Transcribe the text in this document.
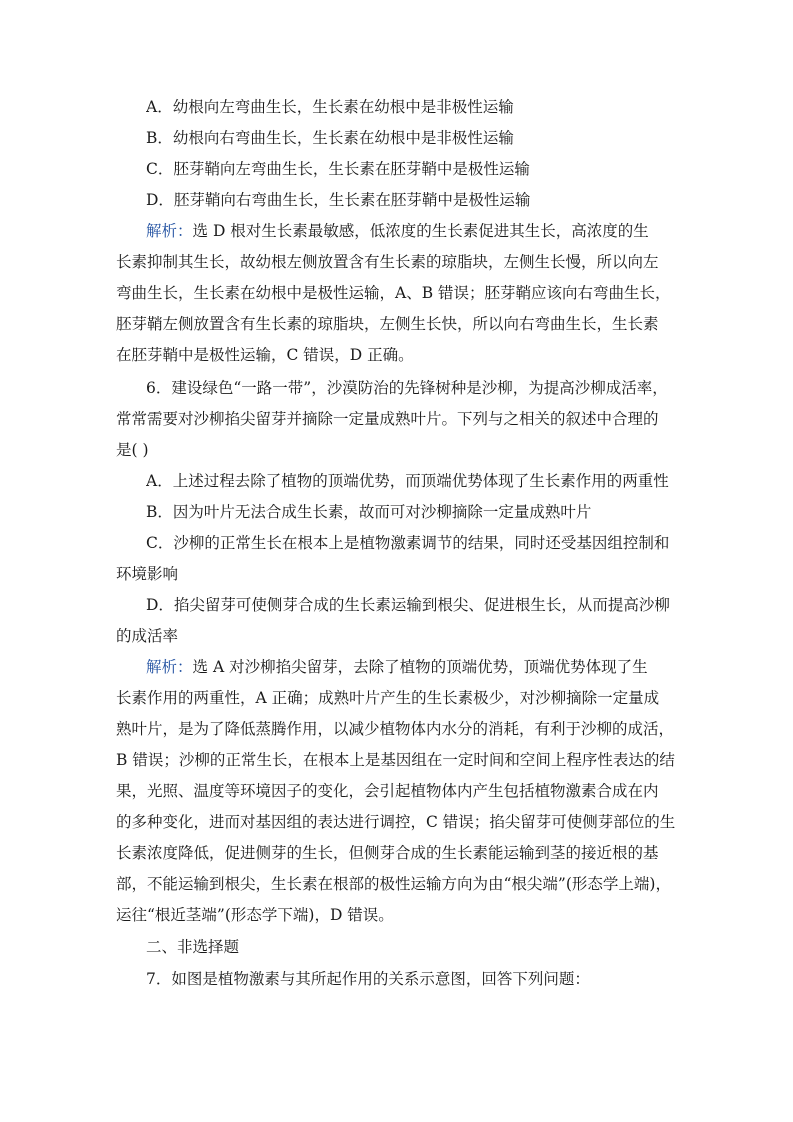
A．幼根向左弯曲生长，生长素在幼根中是非极性运输
B．幼根向右弯曲生长，生长素在幼根中是非极性运输
C．胚芽鞘向左弯曲生长，生长素在胚芽鞘中是极性运输
D．胚芽鞘向右弯曲生长，生长素在胚芽鞘中是极性运输
解析：选 D 根对生长素最敏感，低浓度的生长素促进其生长，高浓度的生
长素抑制其生长，故幼根左侧放置含有生长素的琼脂块，左侧生长慢，所以向左
弯曲生长，生长素在幼根中是极性运输，A、B 错误；胚芽鞘应该向右弯曲生长，
胚芽鞘左侧放置含有生长素的琼脂块，左侧生长快，所以向右弯曲生长，生长素
在胚芽鞘中是极性运输，C 错误，D 正确。
6．建设绿色“一路一带”，沙漠防治的先锋树种是沙柳，为提高沙柳成活率，
常常需要对沙柳掐尖留芽并摘除一定量成熟叶片。下列与之相关的叙述中合理的
是( )
A．上述过程去除了植物的顶端优势，而顶端优势体现了生长素作用的两重性
B．因为叶片无法合成生长素，故而可对沙柳摘除一定量成熟叶片
C．沙柳的正常生长在根本上是植物激素调节的结果，同时还受基因组控制和
环境影响
D．掐尖留芽可使侧芽合成的生长素运输到根尖、促进根生长，从而提高沙柳
的成活率
解析：选 A 对沙柳掐尖留芽，去除了植物的顶端优势，顶端优势体现了生
长素作用的两重性，A 正确；成熟叶片产生的生长素极少，对沙柳摘除一定量成
熟叶片，是为了降低蒸腾作用，以减少植物体内水分的消耗，有利于沙柳的成活，
B 错误；沙柳的正常生长，在根本上是基因组在一定时间和空间上程序性表达的结
果，光照、温度等环境因子的变化，会引起植物体内产生包括植物激素合成在内
的多种变化，进而对基因组的表达进行调控，C 错误；掐尖留芽可使侧芽部位的生
长素浓度降低，促进侧芽的生长，但侧芽合成的生长素能运输到茎的接近根的基
部，不能运输到根尖，生长素在根部的极性运输方向为由“根尖端”(形态学上端)，
运往“根近茎端”(形态学下端)，D 错误。
二、非选择题
7．如图是植物激素与其所起作用的关系示意图，回答下列问题：
